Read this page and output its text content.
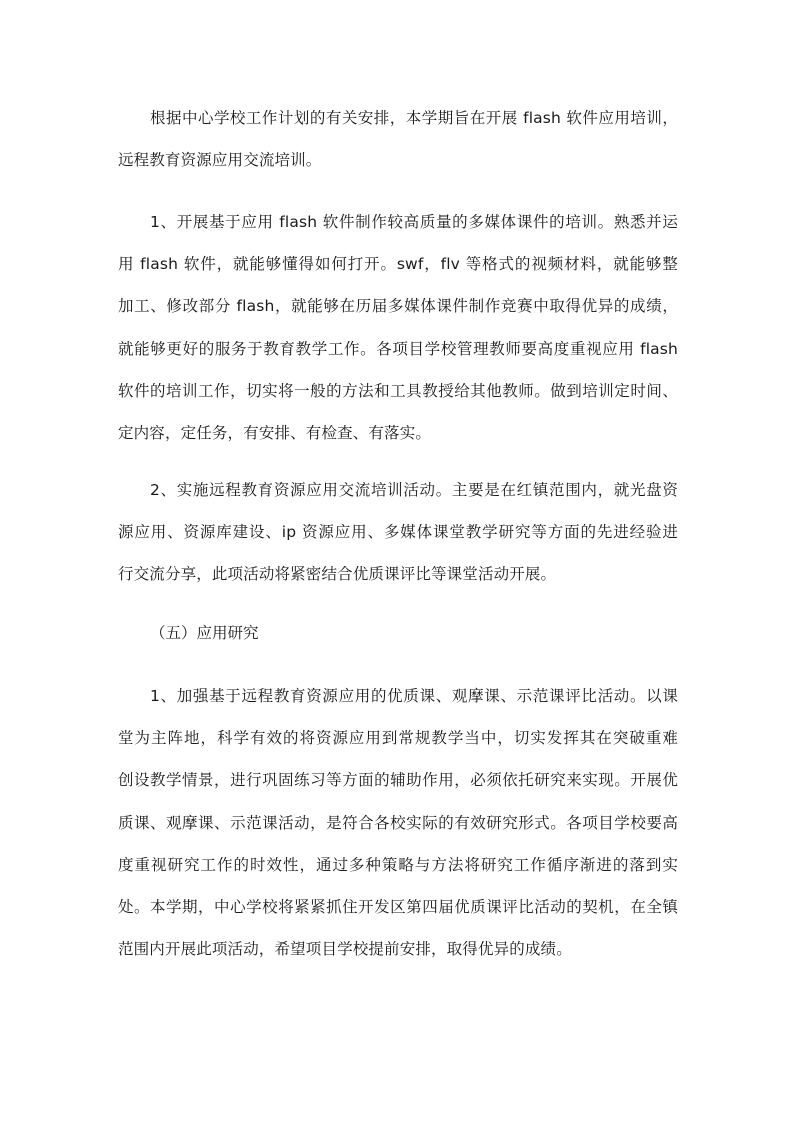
根据中心学校工作计划的有关安排，本学期旨在开展 flash 软件应用培训，
远程教育资源应用交流培训。
1、开展基于应用 flash 软件制作较高质量的多媒体课件的培训。熟悉并运
用 flash 软件，就能够懂得如何打开。swf，flv 等格式的视频材料，就能够整
加工、修改部分 flash，就能够在历届多媒体课件制作竞赛中取得优异的成绩，
就能够更好的服务于教育教学工作。各项目学校管理教师要高度重视应用 flash
软件的培训工作，切实将一般的方法和工具教授给其他教师。做到培训定时间、
定内容，定任务，有安排、有检查、有落实。
2、实施远程教育资源应用交流培训活动。主要是在红镇范围内，就光盘资
源应用、资源库建设、ip 资源应用、多媒体课堂教学研究等方面的先进经验进
行交流分享，此项活动将紧密结合优质课评比等课堂活动开展。
（五）应用研究
1、加强基于远程教育资源应用的优质课、观摩课、示范课评比活动。以课
堂为主阵地，科学有效的将资源应用到常规教学当中，切实发挥其在突破重难
创设教学情景，进行巩固练习等方面的辅助作用，必须依托研究来实现。开展优
质课、观摩课、示范课活动，是符合各校实际的有效研究形式。各项目学校要高
度重视研究工作的时效性，通过多种策略与方法将研究工作循序渐进的落到实
处。本学期，中心学校将紧紧抓住开发区第四届优质课评比活动的契机，在全镇
范围内开展此项活动，希望项目学校提前安排，取得优异的成绩。
